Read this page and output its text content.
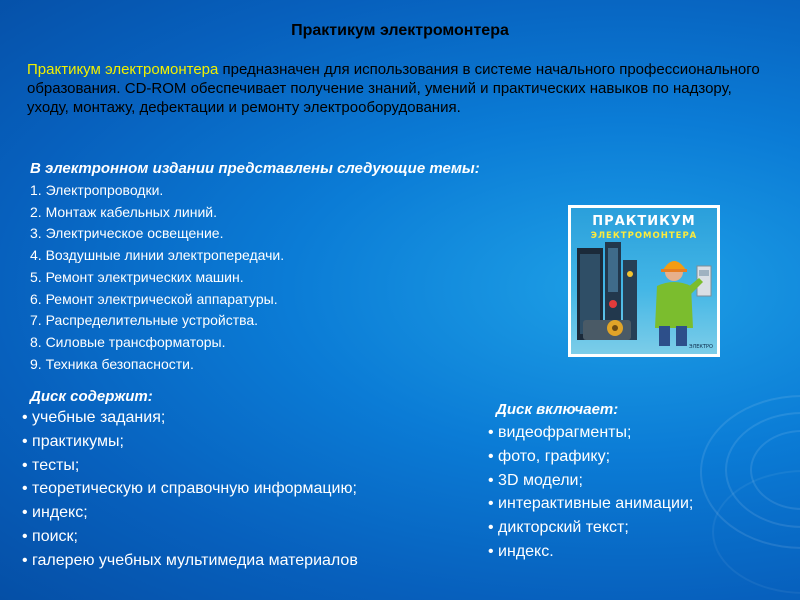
Практикум электромонтера
Практикум электромонтера предназначен для использования в системе начального профессионального образования. CD-ROM обеспечивает получение знаний, умений и практических навыков по надзору, уходу, монтажу, дефектации и ремонту электрооборудования.
В электронном издании представлены следующие темы:
1. Электропроводки.
2. Монтаж кабельных линий.
3. Электрическое освещение.
4. Воздушные линии электропередачи.
5. Ремонт электрических машин.
6. Ремонт электрической аппаратуры.
7. Распределительные устройства.
8. Силовые трансформаторы.
9. Техника безопасности.
ПРАКТИКУМ
ЭЛЕКТРОМОНТЕРА
ЭЛЕКТРО
Диск содержит:
• учебные задания;
• практикумы;
• тесты;
• теоретическую и справочную информацию;
• индекс;
• поиск;
• галерею учебных мультимедиа материалов
Диск включает:
• видеофрагменты;
• фото, графику;
• 3D модели;
• интерактивные анимации;
• дикторский текст;
• индекс.
